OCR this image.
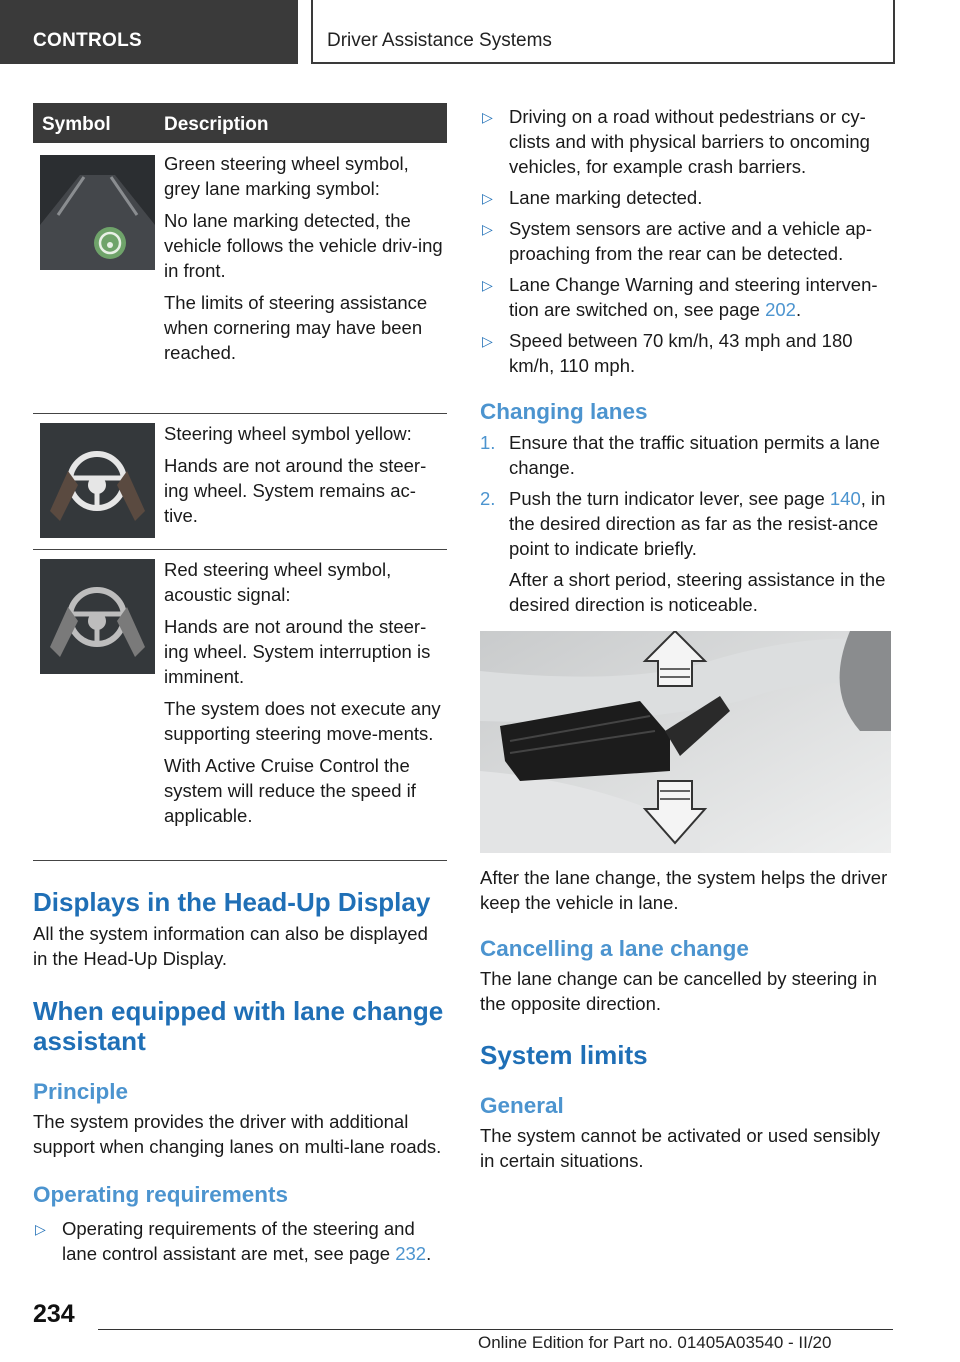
CONTROLS	Driver Assistance Systems
Symbol	Description

Green steering wheel symbol, grey lane marking symbol:

No lane marking detected, the vehicle follows the vehicle driv-ing in front.

The limits of steering assistance when cornering may have been reached.

Steering wheel symbol yellow:

Hands are not around the steer-ing wheel. System remains ac-tive.

Red steering wheel symbol, acoustic signal:

Hands are not around the steer-ing wheel. System interruption is imminent.

The system does not execute any supporting steering move-ments.

With Active Cruise Control the system will reduce the speed if applicable.

Displays in the Head-Up Display

All the system information can also be displayed in the Head-Up Display.

When equipped with lane change assistant
Principle

The system provides the driver with additional support when changing lanes on multi-lane roads.

Operating requirements
▷ Operating requirements of the steering and lane control assistant are met, see page 232.
▷ Driving on a road without pedestrians or cy-clists and with physical barriers to oncoming vehicles, for example crash barriers.
▷ Lane marking detected.
▷ System sensors are active and a vehicle ap-proaching from the rear can be detected.
▷ Lane Change Warning and steering interven-tion are switched on, see page 202.
▷ Speed between 70 km/h, 43 mph and 180 km/h, 110 mph.
Changing lanes
1. Ensure that the traffic situation permits a lane change.
2. Push the turn indicator lever, see page 140, in the desired direction as far as the resist-ance point to indicate briefly.

After a short period, steering assistance in the desired direction is noticeable.

After the lane change, the system helps the driver keep the vehicle in lane.

Cancelling a lane change

The lane change can be cancelled by steering in the opposite direction.

System limits
General

The system cannot be activated or used sensibly in certain situations.

234
Online Edition for Part no. 01405A03540 - II/20
